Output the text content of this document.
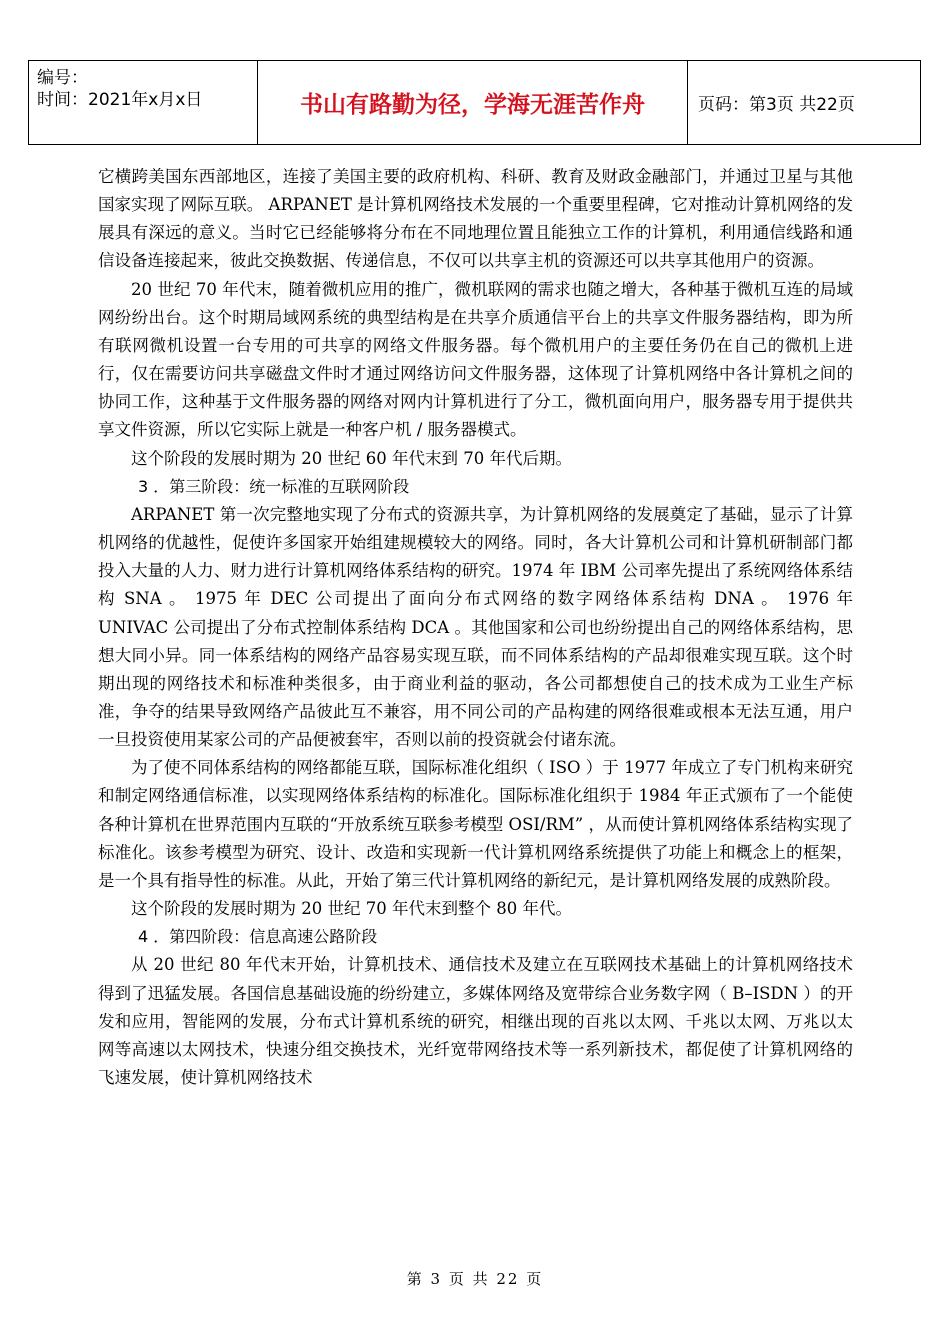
编号：
时间：2021年x月x日	书山有路勤为径，学海无涯苦作舟	页码：第3页 共22页

它横跨美国东西部地区，连接了美国主要的政府机构、科研、教育及财政金融部门，并通过卫星与其他国家实现了网际互联。 ARPANET 是计算机网络技术发展的一个重要里程碑，它对推动计算机网络的发展具有深远的意义。当时它已经能够将分布在不同地理位置且能独立工作的计算机，利用通信线路和通信设备连接起来，彼此交换数据、传递信息，不仅可以共享主机的资源还可以共享其他用户的资源。

20 世纪 70 年代末，随着微机应用的推广，微机联网的需求也随之增大，各种基于微机互连的局域网纷纷出台。这个时期局域网系统的典型结构是在共享介质通信平台上的共享文件服务器结构，即为所有联网微机设置一台专用的可共享的网络文件服务器。每个微机用户的主要任务仍在自己的微机上进行，仅在需要访问共享磁盘文件时才通过网络访问文件服务器，这体现了计算机网络中各计算机之间的协同工作，这种基于文件服务器的网络对网内计算机进行了分工，微机面向用户，服务器专用于提供共享文件资源，所以它实际上就是一种客户机 / 服务器模式。

这个阶段的发展时期为 20 世纪 60 年代末到 70 年代后期。

3 ．第三阶段：统一标准的互联网阶段

ARPANET 第一次完整地实现了分布式的资源共享，为计算机网络的发展奠定了基础，显示了计算机网络的优越性，促使许多国家开始组建规模较大的网络。同时，各大计算机公司和计算机研制部门都投入大量的人力、财力进行计算机网络体系结构的研究。1974 年 IBM 公司率先提出了系统网络体系结构 SNA 。 1975 年 DEC 公司提出了面向分布式网络的数字网络体系结构 DNA 。 1976 年 UNIVAC 公司提出了分布式控制体系结构 DCA 。其他国家和公司也纷纷提出自己的网络体系结构，思想大同小异。同一体系结构的网络产品容易实现互联，而不同体系结构的产品却很难实现互联。这个时期出现的网络技术和标准种类很多，由于商业利益的驱动，各公司都想使自己的技术成为工业生产标准，争夺的结果导致网络产品彼此互不兼容，用不同公司的产品构建的网络很难或根本无法互通，用户一旦投资使用某家公司的产品便被套牢，否则以前的投资就会付诸东流。

为了使不同体系结构的网络都能互联，国际标准化组织（ ISO ）于 1977 年成立了专门机构来研究和制定网络通信标准，以实现网络体系结构的标准化。国际标准化组织于 1984 年正式颁布了一个能使各种计算机在世界范围内互联的“开放系统互联参考模型 OSI/RM” ，从而使计算机网络体系结构实现了标准化。该参考模型为研究、设计、改造和实现新一代计算机网络系统提供了功能上和概念上的框架，是一个具有指导性的标准。从此，开始了第三代计算机网络的新纪元，是计算机网络发展的成熟阶段。

这个阶段的发展时期为 20 世纪 70 年代末到整个 80 年代。

4 ．第四阶段：信息高速公路阶段

从 20 世纪 80 年代末开始，计算机技术、通信技术及建立在互联网技术基础上的计算机网络技术得到了迅猛发展。各国信息基础设施的纷纷建立，多媒体网络及宽带综合业务数字网（ B–ISDN ）的开发和应用，智能网的发展，分布式计算机系统的研究，相继出现的百兆以太网、千兆以太网、万兆以太网等高速以太网技术，快速分组交换技术，光纤宽带网络技术等一系列新技术，都促使了计算机网络的飞速发展，使计算机网络技术

第 3 页 共 22 页
